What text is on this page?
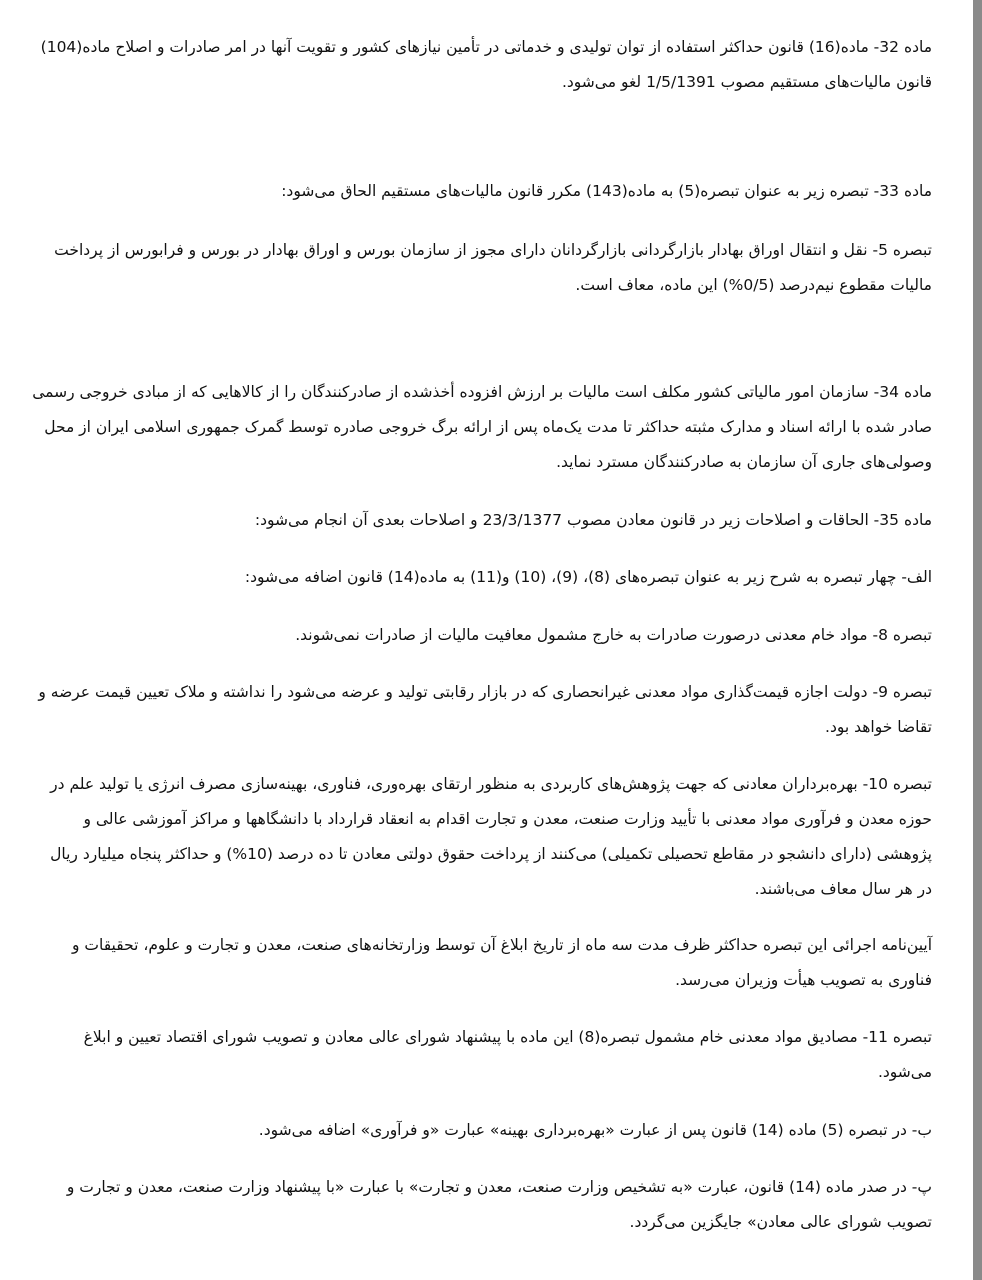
ماده 32- ماده(16) قانون حداکثر استفاده از توان تولیدی و خدماتی در تأمین نیازهای کشور و تقویت آنها در امر صادرات و اصلاح ماده(104) قانون مالیات‌های مستقیم مصوب 1/5/1391 لغو می‌شود.

ماده 33- تبصره زیر به عنوان تبصره(5) به ماده(143) مکرر قانون مالیات‌های مستقیم الحاق می‌شود:

تبصره 5- نقل و انتقال اوراق بهادار بازارگردانی بازارگردانان دارای مجوز از سازمان بورس و اوراق بهادار در بورس و فرابورس از پرداخت مالیات مقطوع نیم‌درصد (0/5%) این ماده، معاف است.

ماده 34- سازمان امور مالیاتی کشور مکلف است مالیات بر ارزش افزوده أخذشده از صادرکنندگان را از کالاهایی که از مبادی خروجی رسمی صادر شده با ارائه اسناد و مدارک مثبته حداکثر تا مدت یک‌ماه پس از ارائه برگ خروجی صادره توسط گمرک جمهوری اسلامی ایران از محل وصولی‌های جاری آن سازمان به صادرکنندگان مسترد نماید.

ماده 35- الحاقات و اصلاحات زیر در قانون معادن مصوب 23/3/1377 و اصلاحات بعدی آن انجام می‌شود:

الف- چهار تبصره به شرح زیر به عنوان تبصره‌های (8)، (9)، (10) و(11) به ماده(14) قانون اضافه می‌شود:

تبصره 8- مواد خام معدنی درصورت صادرات به خارج مشمول معافیت مالیات از صادرات نمی‌شوند.

تبصره 9- دولت اجازه قیمت‌گذاری مواد معدنی غیرانحصاری که در بازار رقابتی تولید و عرضه می‌شود را نداشته و ملاک تعیین قیمت عرضه و تقاضا خواهد بود.

تبصره 10- بهره‌برداران معادنی که جهت پژوهش‌های کاربردی به منظور ارتقای بهره‌وری، فناوری، بهینه‌سازی مصرف انرژی یا تولید علم در حوزه معدن و فرآوری مواد معدنی با تأیید وزارت صنعت، معدن و تجارت اقدام به انعقاد قرارداد با دانشگاهها و مراکز آموزشی عالی و پژوهشی (دارای دانشجو در مقاطع تحصیلی تکمیلی) می‌کنند از پرداخت حقوق دولتی معادن تا ده درصد (10%) و حداکثر پنجاه میلیارد ریال در هر سال معاف می‌باشند.

آیین‌نامه اجرائی این تبصره حداکثر ظرف مدت سه ماه از تاریخ ابلاغ آن توسط وزارتخانه‌های صنعت، معدن و تجارت و علوم، تحقیقات و فناوری به تصویب هیأت وزیران می‌رسد.

تبصره 11- مصادیق مواد معدنی خام مشمول تبصره(8) این ماده با پیشنهاد شورای عالی معادن و تصویب شورای اقتصاد تعیین و ابلاغ می‌شود.

ب- در تبصره (5) ماده (14) قانون پس از عبارت «بهره‌برداری بهینه» عبارت «و فرآوری» اضافه می‌شود.

پ- در صدر ماده (14) قانون، عبارت «به تشخیص وزارت صنعت، معدن و تجارت» با عبارت «با پیشنهاد وزارت صنعت، معدن و تجارت و تصویب شورای عالی معادن» جایگزین می‌گردد.
